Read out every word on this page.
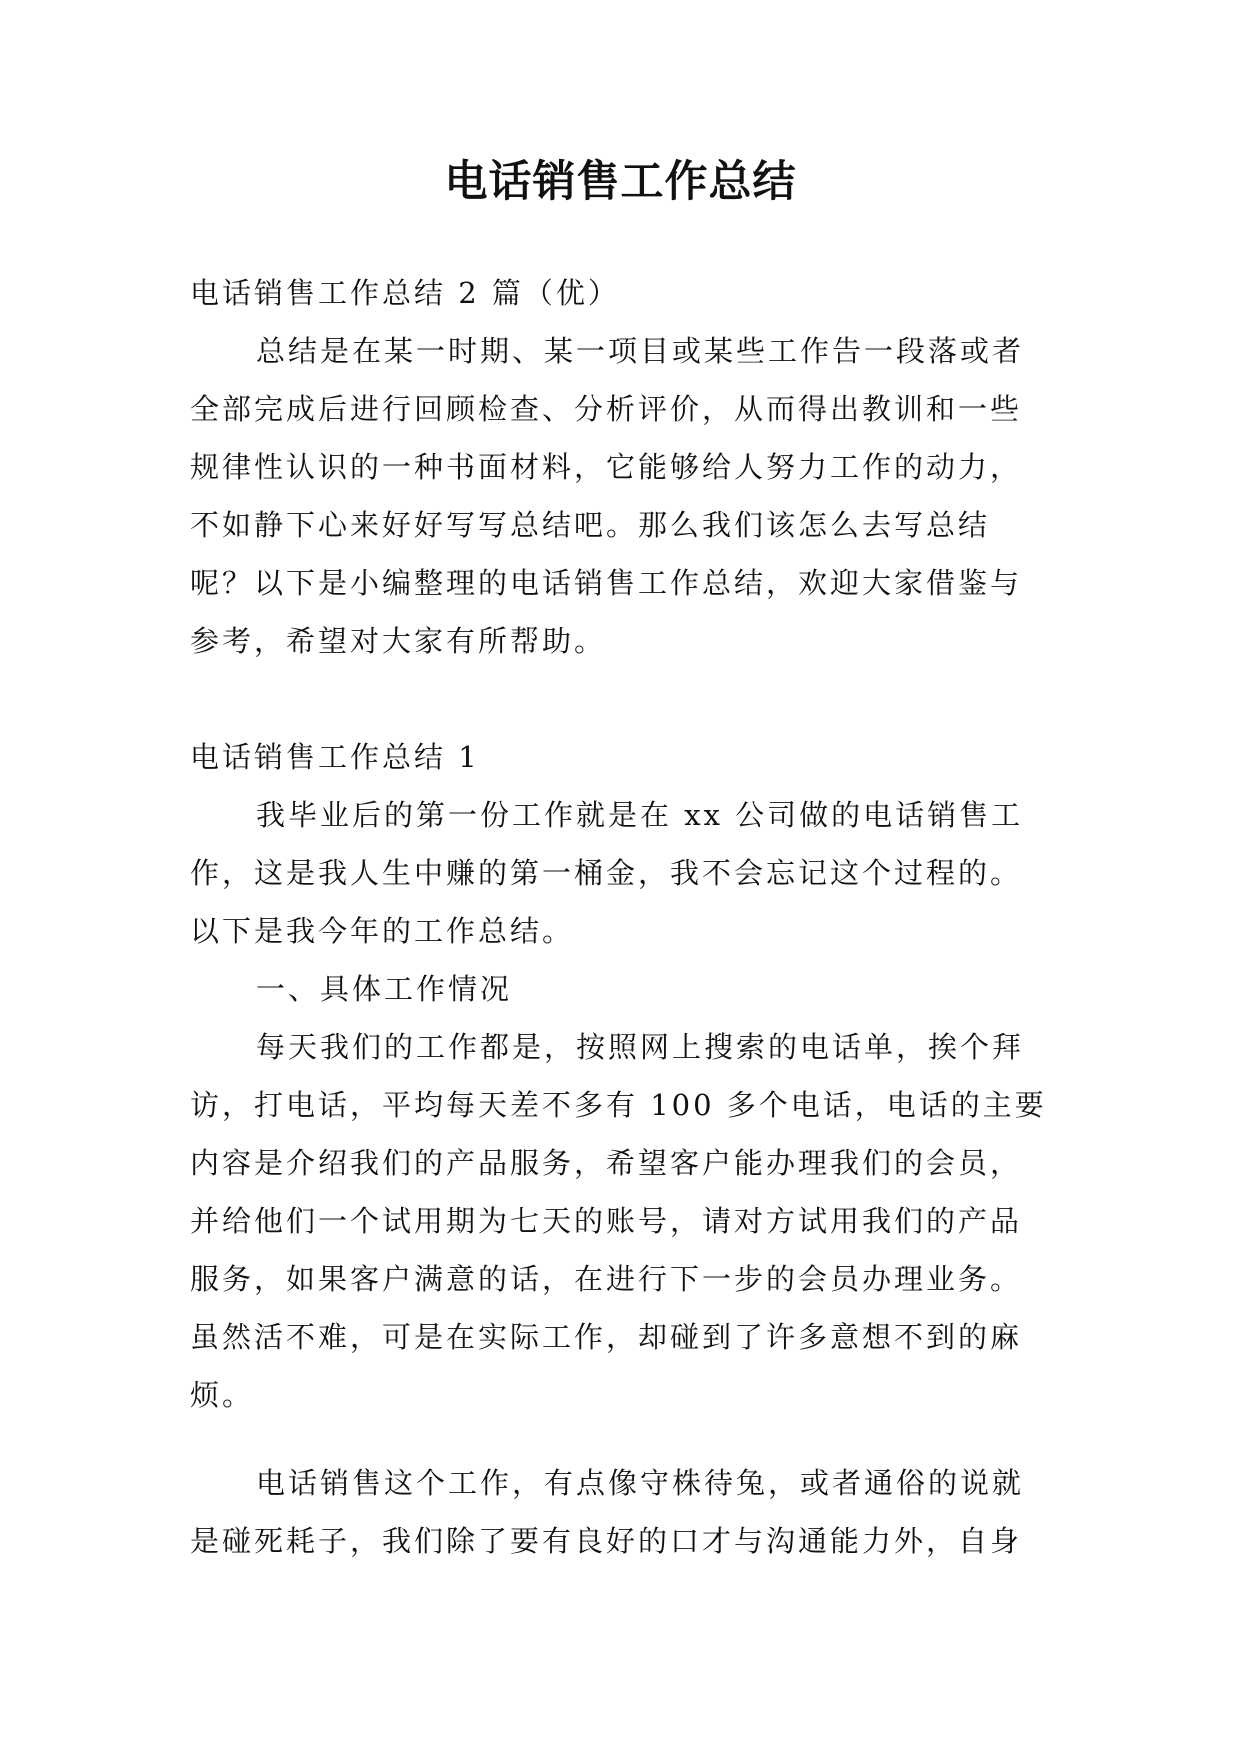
电话销售工作总结

电话销售工作总结 2 篇（优）

总结是在某一时期、某一项目或某些工作告一段落或者

全部完成后进行回顾检查、分析评价，从而得出教训和一些

规律性认识的一种书面材料，它能够给人努力工作的动力，

不如静下心来好好写写总结吧。那么我们该怎么去写总结

呢？以下是小编整理的电话销售工作总结，欢迎大家借鉴与

参考，希望对大家有所帮助。

电话销售工作总结 1

我毕业后的第一份工作就是在 xx 公司做的电话销售工

作，这是我人生中赚的第一桶金，我不会忘记这个过程的。

以下是我今年的工作总结。

一、具体工作情况

每天我们的工作都是，按照网上搜索的电话单，挨个拜

访，打电话，平均每天差不多有 100 多个电话，电话的主要

内容是介绍我们的产品服务，希望客户能办理我们的会员，

并给他们一个试用期为七天的账号，请对方试用我们的产品

服务，如果客户满意的话，在进行下一步的会员办理业务。

虽然活不难，可是在实际工作，却碰到了许多意想不到的麻

烦。

电话销售这个工作，有点像守株待兔，或者通俗的说就

是碰死耗子，我们除了要有良好的口才与沟通能力外，自身
